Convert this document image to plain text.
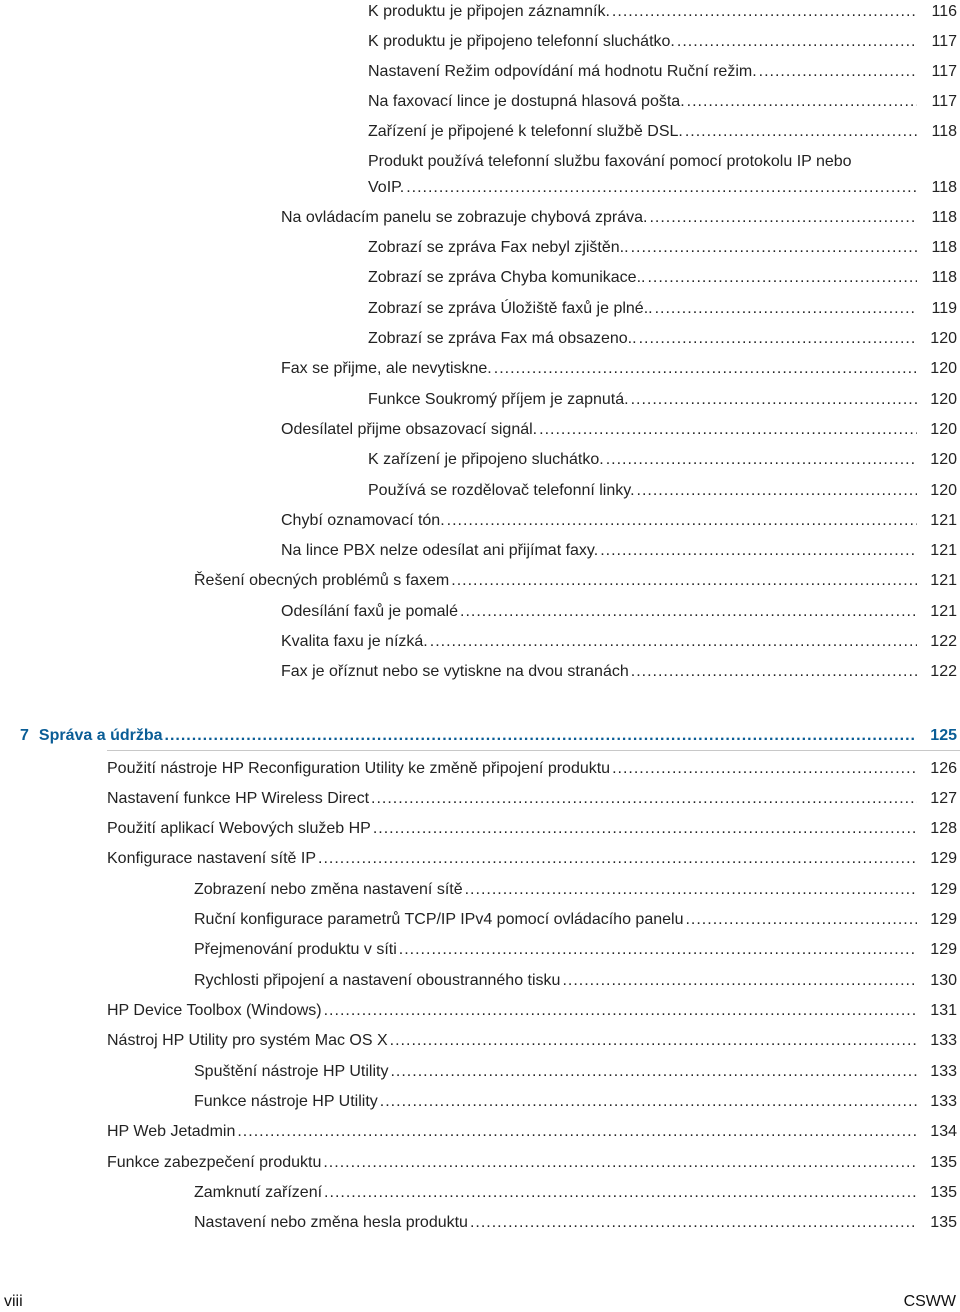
K produktu je připojen záznamník. .....	116
K produktu je připojeno telefonní sluchátko. .....	117
Nastavení Režim odpovídání má hodnotu Ruční režim. .....	117
Na faxovací lince je dostupná hlasová pošta. .....	117
Zařízení je připojené k telefonní službě DSL. .....	118
Produkt používá telefonní službu faxování pomocí protokolu IP nebo
VoIP. .....	118
Na ovládacím panelu se zobrazuje chybová zpráva. .....	118
Zobrazí se zpráva Fax nebyl zjištěn.. .....	118
Zobrazí se zpráva Chyba komunikace.. .....	118
Zobrazí se zpráva Úložiště faxů je plné.. .....	119
Zobrazí se zpráva Fax má obsazeno.. .....	120
Fax se přijme, ale nevytiskne. .....	120
Funkce Soukromý příjem je zapnutá. .....	120
Odesílatel přijme obsazovací signál. .....	120
K zařízení je připojeno sluchátko. .....	120
Používá se rozdělovač telefonní linky. .....	120
Chybí oznamovací tón. .....	121
Na lince PBX nelze odesílat ani přijímat faxy. .....	121
Řešení obecných problémů s faxem .....	121
Odesílání faxů je pomalé .....	121
Kvalita faxu je nízká. .....	122
Fax je oříznut nebo se vytiskne na dvou stranách .....	122
7 Správa a údržba .....	125
Použití nástroje HP Reconfiguration Utility ke změně připojení produktu .....	126
Nastavení funkce HP Wireless Direct .....	127
Použití aplikací Webových služeb HP .....	128
Konfigurace nastavení sítě IP .....	129
Zobrazení nebo změna nastavení sítě .....	129
Ruční konfigurace parametrů TCP/IP IPv4 pomocí ovládacího panelu .....	129
Přejmenování produktu v síti .....	129
Rychlosti připojení a nastavení oboustranného tisku .....	130
HP Device Toolbox (Windows) .....	131
Nástroj HP Utility pro systém Mac OS X .....	133
Spuštění nástroje HP Utility .....	133
Funkce nástroje HP Utility .....	133
HP Web Jetadmin .....	134
Funkce zabezpečení produktu .....	135
Zamknutí zařízení .....	135
Nastavení nebo změna hesla produktu .....	135
viii	CSWW
